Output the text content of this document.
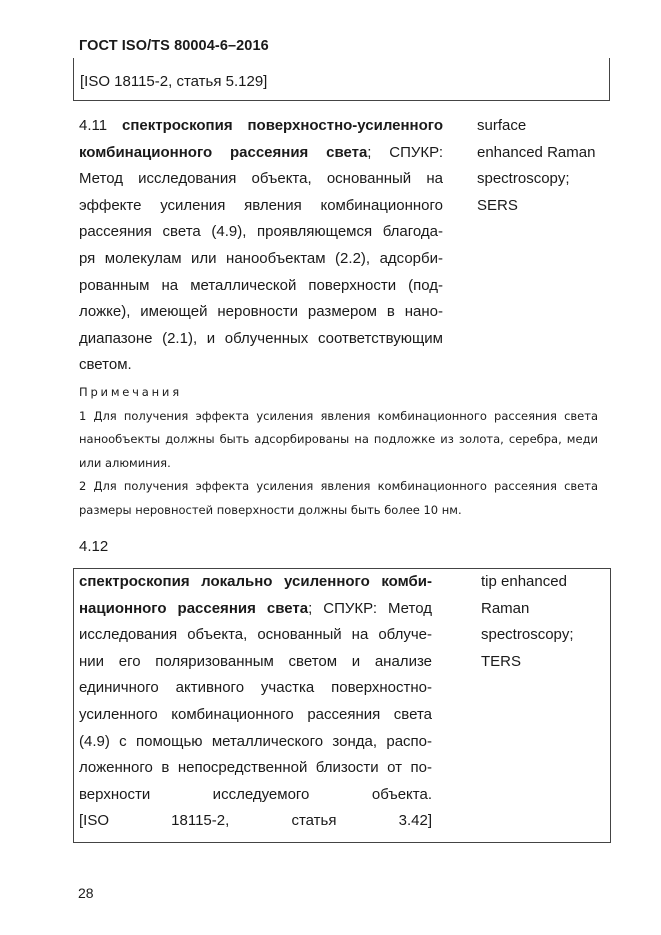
ГОСТ ISO/TS 80004-6–2016
[ISO 18115-2, статья 5.129]
4.11 спектроскопия поверхностно-усиленного
комбинационного рассеяния света; СПУКР:
Метод исследования объекта, основанный на
эффекте усиления явления комбинационного
рассеяния света (4.9), проявляющемся благода-
ря молекулам или нанообъектам (2.2), адсорби-
рованным на металлической поверхности (под-
ложке), имеющей неровности размером в нано-
диапазоне (2.1), и облученных соответствующим
светом.
surface
enhanced Raman
spectroscopy;
SERS
Примечания
1 Для получения эффекта усиления явления комбинационного рассеяния света
нанообъекты должны быть адсорбированы на подложке из золота, серебра, меди
или алюминия.
2 Для получения эффекта усиления явления комбинационного рассеяния света
размеры неровностей поверхности должны быть более 10 нм.
4.12
спектроскопия локально усиленного комби-
национного рассеяния света; СПУКР: Метод
исследования объекта, основанный на облуче-
нии его поляризованным светом и анализе
единичного активного участка поверхностно-
усиленного комбинационного рассеяния света
(4.9) с помощью металлического зонда, распо-
ложенного в непосредственной близости от по-
верхности исследуемого объекта.
[ISO 18115-2, статья 3.42]
tip enhanced
Raman
spectroscopy;
TERS
28
